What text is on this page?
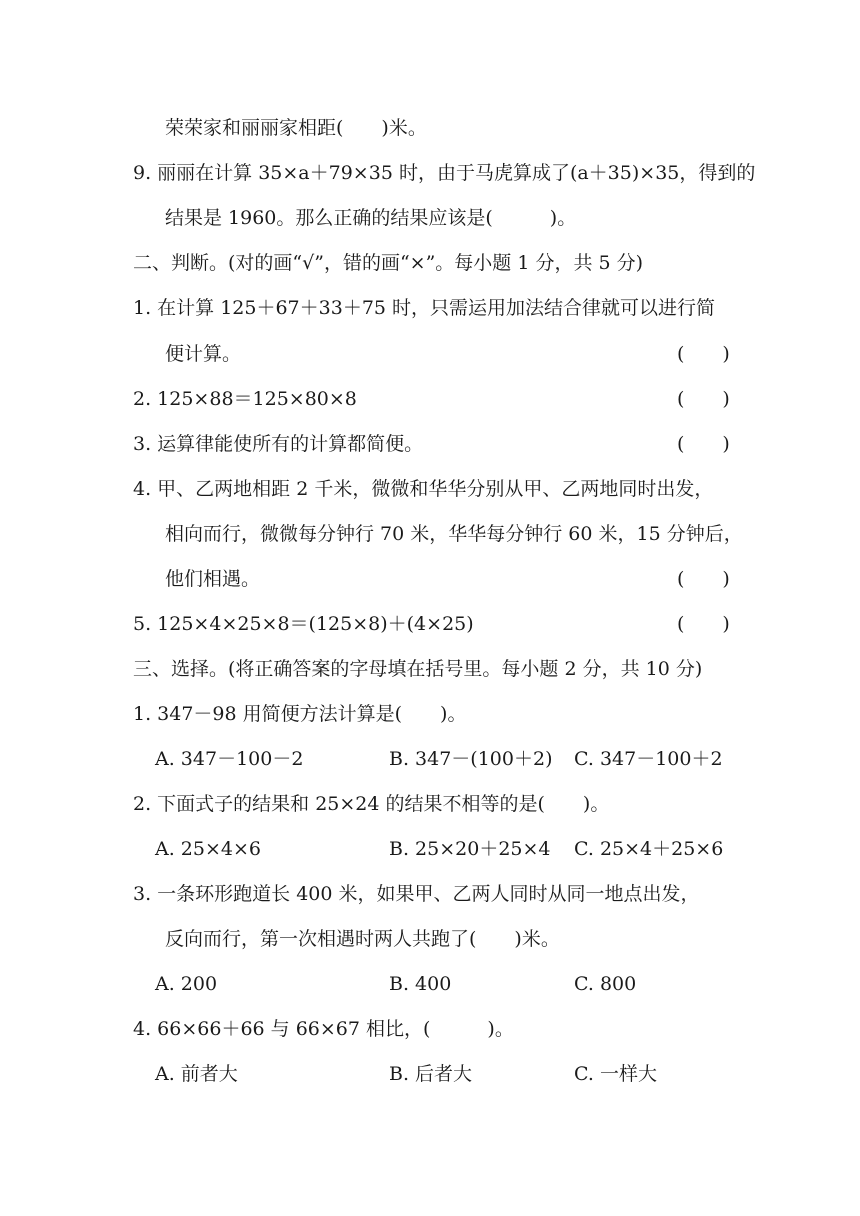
荣荣家和丽丽家相距(　　)米。
9. 丽丽在计算 35×a＋79×35 时，由于马虎算成了(a＋35)×35，得到的
结果是 1960。那么正确的结果应该是(　　　)。
二、判断。(对的画“√”，错的画“×”。每小题 1 分，共 5 分)
1. 在计算 125＋67＋33＋75 时，只需运用加法结合律就可以进行简
便计算。	(　　)
2. 125×88＝125×80×8	(　　)
3. 运算律能使所有的计算都简便。	(　　)
4. 甲、乙两地相距 2 千米，微微和华华分别从甲、乙两地同时出发，
相向而行，微微每分钟行 70 米，华华每分钟行 60 米，15 分钟后，
他们相遇。	(　　)
5. 125×4×25×8＝(125×8)＋(4×25)	(　　)
三、选择。(将正确答案的字母填在括号里。每小题 2 分，共 10 分)
1. 347－98 用简便方法计算是(　　)。
A. 347－100－2	B. 347－(100＋2) C. 347－100＋2
2. 下面式子的结果和 25×24 的结果不相等的是(　　)。
A. 25×4×6	B. 25×20＋25×4 C. 25×4＋25×6
3. 一条环形跑道长 400 米，如果甲、乙两人同时从同一地点出发，
反向而行，第一次相遇时两人共跑了(　　)米。
A. 200	B. 400	C. 800
4. 66×66＋66 与 66×67 相比，(　　　)。
A. 前者大	B. 后者大	C. 一样大
